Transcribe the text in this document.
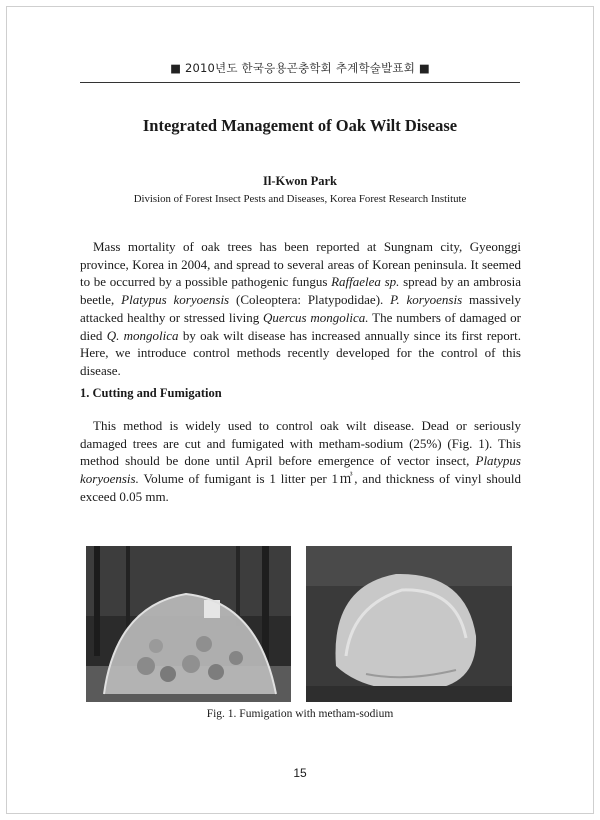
■ 2010년도 한국응용곤충학회 추계학술발표회 ■
Integrated Management of Oak Wilt Disease
Il-Kwon Park
Division of Forest Insect Pests and Diseases, Korea Forest Research Institute

Mass mortality of oak trees has been reported at Sungnam city, Gyeonggi province, Korea in 2004, and spread to several areas of Korean peninsula. It seemed to be occurred by a possible pathogenic fungus Raffaelea sp. spread by an ambrosia beetle, Platypus koryoensis (Coleoptera: Platypodidae). P. koryoensis massively attacked healthy or stressed living Quercus mongolica. The numbers of damaged or died Q. mongolica by oak wilt disease has increased annually since its first report. Here, we introduce control methods recently developed for the control of this disease.

1. Cutting and Fumigation

This method is widely used to control oak wilt disease. Dead or seriously damaged trees are cut and fumigated with metham-sodium (25%) (Fig. 1). This method should be done until April before emergence of vector insect, Platypus koryoensis. Volume of fumigant is 1 litter per 1㎥, and thickness of vinyl should exceed 0.05 mm.

Fig. 1. Fumigation with metham-sodium
15
